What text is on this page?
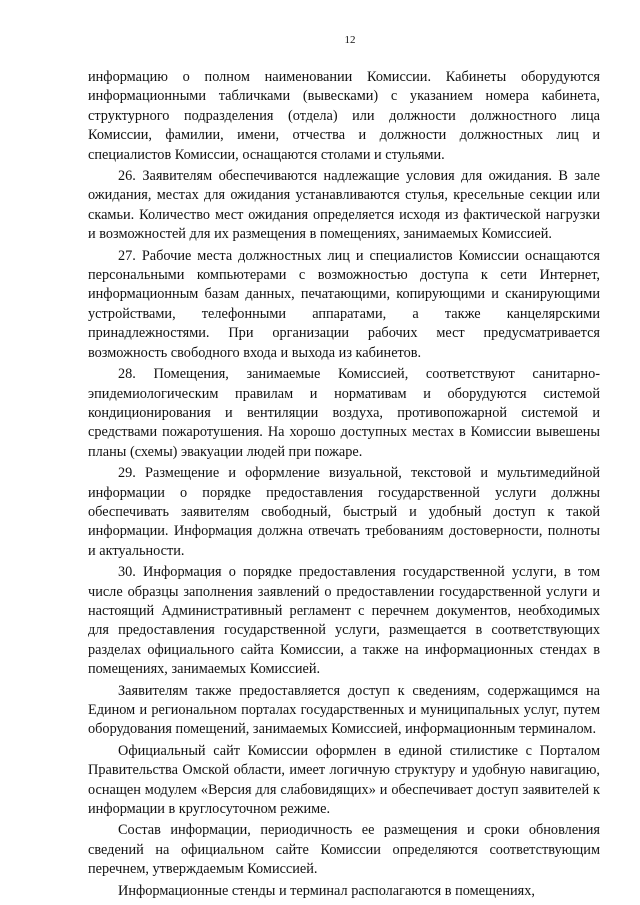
12

информацию о полном наименовании Комиссии. Кабинеты оборудуются информационными табличками (вывесками) с указанием номера кабинета, структурного подразделения (отдела) или должности должностного лица Комиссии, фамилии, имени, отчества и должности должностных лиц и специалистов Комиссии, оснащаются столами и стульями.

26. Заявителям обеспечиваются надлежащие условия для ожидания. В зале ожидания, местах для ожидания устанавливаются стулья, кресельные секции или скамьи. Количество мест ожидания определяется исходя из фактической нагрузки и возможностей для их размещения в помещениях, занимаемых Комиссией.

27. Рабочие места должностных лиц и специалистов Комиссии оснащаются персональными компьютерами с возможностью доступа к сети Интернет, информационным базам данных, печатающими, копирующими и сканирующими устройствами, телефонными аппаратами, а также канцелярскими принадлежностями. При организации рабочих мест предусматривается возможность свободного входа и выхода из кабинетов.

28. Помещения, занимаемые Комиссией, соответствуют санитарно-эпидемиологическим правилам и нормативам и оборудуются системой кондиционирования и вентиляции воздуха, противопожарной системой и средствами пожаротушения. На хорошо доступных местах в Комиссии вывешены планы (схемы) эвакуации людей при пожаре.

29. Размещение и оформление визуальной, текстовой и мультимедийной информации о порядке предоставления государственной услуги должны обеспечивать заявителям свободный, быстрый и удобный доступ к такой информации. Информация должна отвечать требованиям достоверности, полноты и актуальности.

30. Информация о порядке предоставления государственной услуги, в том числе образцы заполнения заявлений о предоставлении государственной услуги и настоящий Административный регламент с перечнем документов, необходимых для предоставления государственной услуги, размещается в соответствующих разделах официального сайта Комиссии, а также на информационных стендах в помещениях, занимаемых Комиссией.

Заявителям также предоставляется доступ к сведениям, содержащимся на Едином и региональном порталах государственных и муниципальных услуг, путем оборудования помещений, занимаемых Комиссией, информационным терминалом.

Официальный сайт Комиссии оформлен в единой стилистике с Порталом Правительства Омской области, имеет логичную структуру и удобную навигацию, оснащен модулем «Версия для слабовидящих» и обеспечивает доступ заявителей к информации в круглосуточном режиме.

Состав информации, периодичность ее размещения и сроки обновления сведений на официальном сайте Комиссии определяются соответствующим перечнем, утверждаемым Комиссией.

Информационные стенды и терминал располагаются в помещениях,
